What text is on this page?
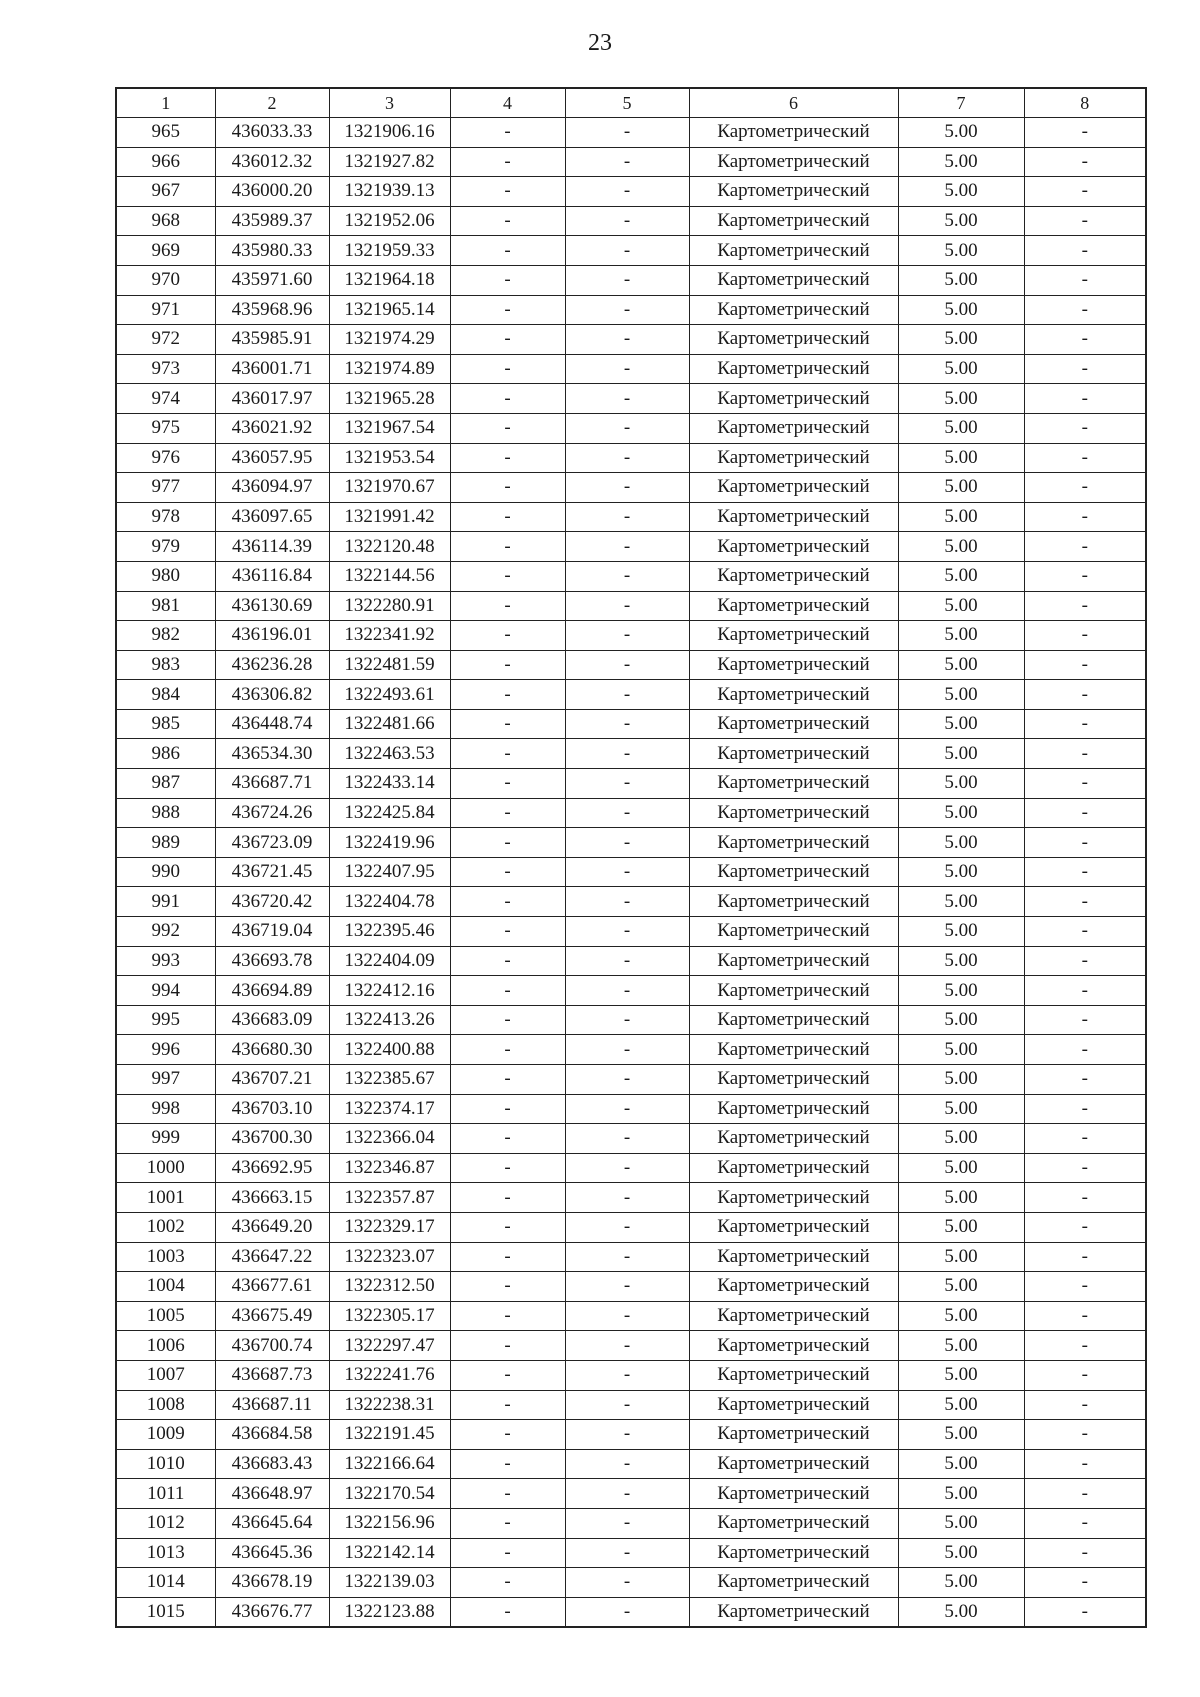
23
1	2	3	4	5	6	7	8
965	436033.33	1321906.16	-	-	Картометрический	5.00	-
966	436012.32	1321927.82	-	-	Картометрический	5.00	-
967	436000.20	1321939.13	-	-	Картометрический	5.00	-
968	435989.37	1321952.06	-	-	Картометрический	5.00	-
969	435980.33	1321959.33	-	-	Картометрический	5.00	-
970	435971.60	1321964.18	-	-	Картометрический	5.00	-
971	435968.96	1321965.14	-	-	Картометрический	5.00	-
972	435985.91	1321974.29	-	-	Картометрический	5.00	-
973	436001.71	1321974.89	-	-	Картометрический	5.00	-
974	436017.97	1321965.28	-	-	Картометрический	5.00	-
975	436021.92	1321967.54	-	-	Картометрический	5.00	-
976	436057.95	1321953.54	-	-	Картометрический	5.00	-
977	436094.97	1321970.67	-	-	Картометрический	5.00	-
978	436097.65	1321991.42	-	-	Картометрический	5.00	-
979	436114.39	1322120.48	-	-	Картометрический	5.00	-
980	436116.84	1322144.56	-	-	Картометрический	5.00	-
981	436130.69	1322280.91	-	-	Картометрический	5.00	-
982	436196.01	1322341.92	-	-	Картометрический	5.00	-
983	436236.28	1322481.59	-	-	Картометрический	5.00	-
984	436306.82	1322493.61	-	-	Картометрический	5.00	-
985	436448.74	1322481.66	-	-	Картометрический	5.00	-
986	436534.30	1322463.53	-	-	Картометрический	5.00	-
987	436687.71	1322433.14	-	-	Картометрический	5.00	-
988	436724.26	1322425.84	-	-	Картометрический	5.00	-
989	436723.09	1322419.96	-	-	Картометрический	5.00	-
990	436721.45	1322407.95	-	-	Картометрический	5.00	-
991	436720.42	1322404.78	-	-	Картометрический	5.00	-
992	436719.04	1322395.46	-	-	Картометрический	5.00	-
993	436693.78	1322404.09	-	-	Картометрический	5.00	-
994	436694.89	1322412.16	-	-	Картометрический	5.00	-
995	436683.09	1322413.26	-	-	Картометрический	5.00	-
996	436680.30	1322400.88	-	-	Картометрический	5.00	-
997	436707.21	1322385.67	-	-	Картометрический	5.00	-
998	436703.10	1322374.17	-	-	Картометрический	5.00	-
999	436700.30	1322366.04	-	-	Картометрический	5.00	-
1000	436692.95	1322346.87	-	-	Картометрический	5.00	-
1001	436663.15	1322357.87	-	-	Картометрический	5.00	-
1002	436649.20	1322329.17	-	-	Картометрический	5.00	-
1003	436647.22	1322323.07	-	-	Картометрический	5.00	-
1004	436677.61	1322312.50	-	-	Картометрический	5.00	-
1005	436675.49	1322305.17	-	-	Картометрический	5.00	-
1006	436700.74	1322297.47	-	-	Картометрический	5.00	-
1007	436687.73	1322241.76	-	-	Картометрический	5.00	-
1008	436687.11	1322238.31	-	-	Картометрический	5.00	-
1009	436684.58	1322191.45	-	-	Картометрический	5.00	-
1010	436683.43	1322166.64	-	-	Картометрический	5.00	-
1011	436648.97	1322170.54	-	-	Картометрический	5.00	-
1012	436645.64	1322156.96	-	-	Картометрический	5.00	-
1013	436645.36	1322142.14	-	-	Картометрический	5.00	-
1014	436678.19	1322139.03	-	-	Картометрический	5.00	-
1015	436676.77	1322123.88	-	-	Картометрический	5.00	-
